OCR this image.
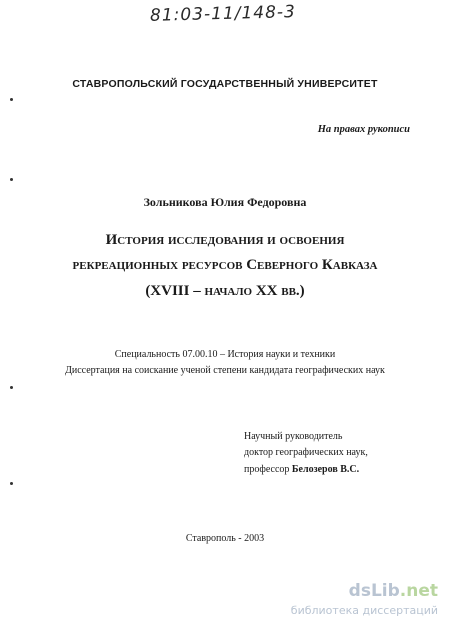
81:03-11/148-3
СТАВРОПОЛЬСКИЙ ГОСУДАРСТВЕННЫЙ УНИВЕРСИТЕТ
На правах рукописи
Зольникова Юлия Федоровна
История исследования и освоения
рекреационных ресурсов Северного Кавказа
(XVIII – начало XX вв.)
Специальность 07.00.10 – История науки и техники
Диссертация на соискание ученой степени кандидата географических наук
Научный руководитель
доктор географических наук,
профессор Белозеров В.С.
Ставрополь - 2003
dsLib.net
библиотека диссертаций
